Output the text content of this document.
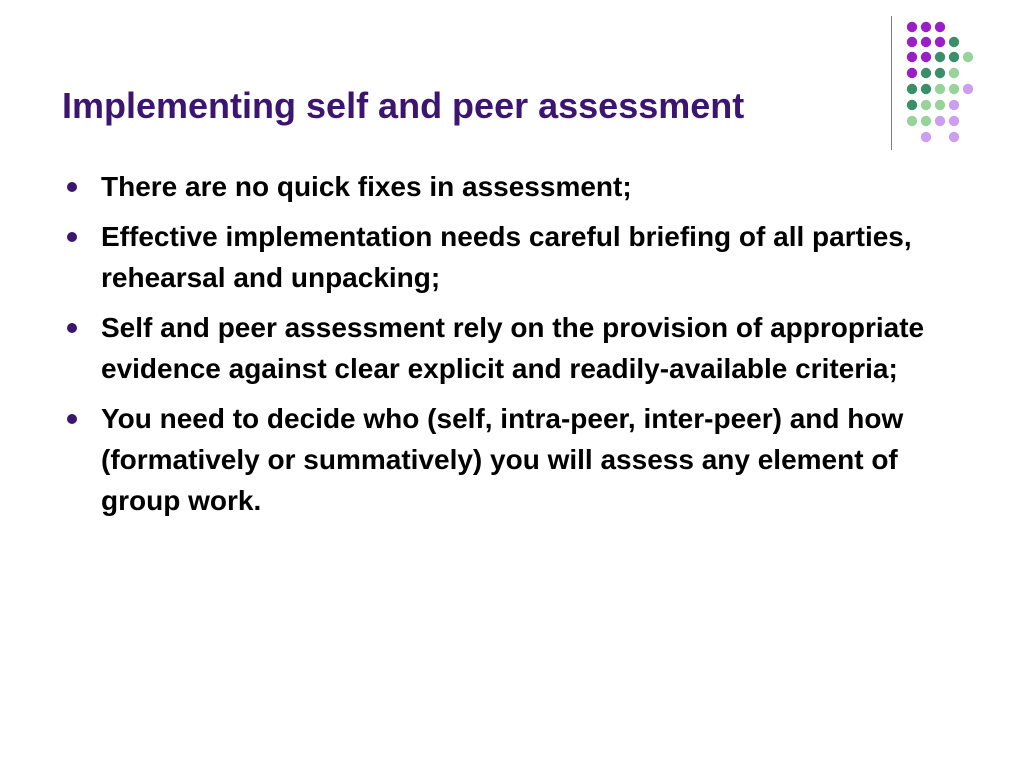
Implementing self and peer assessment
There are no quick fixes in assessment;
Effective implementation needs careful briefing of all parties, rehearsal and unpacking;
Self and peer assessment rely on the provision of appropriate evidence against clear explicit and readily-available criteria;
You need to decide who (self, intra-peer, inter-peer) and how (formatively or summatively) you will assess any element of group work.
